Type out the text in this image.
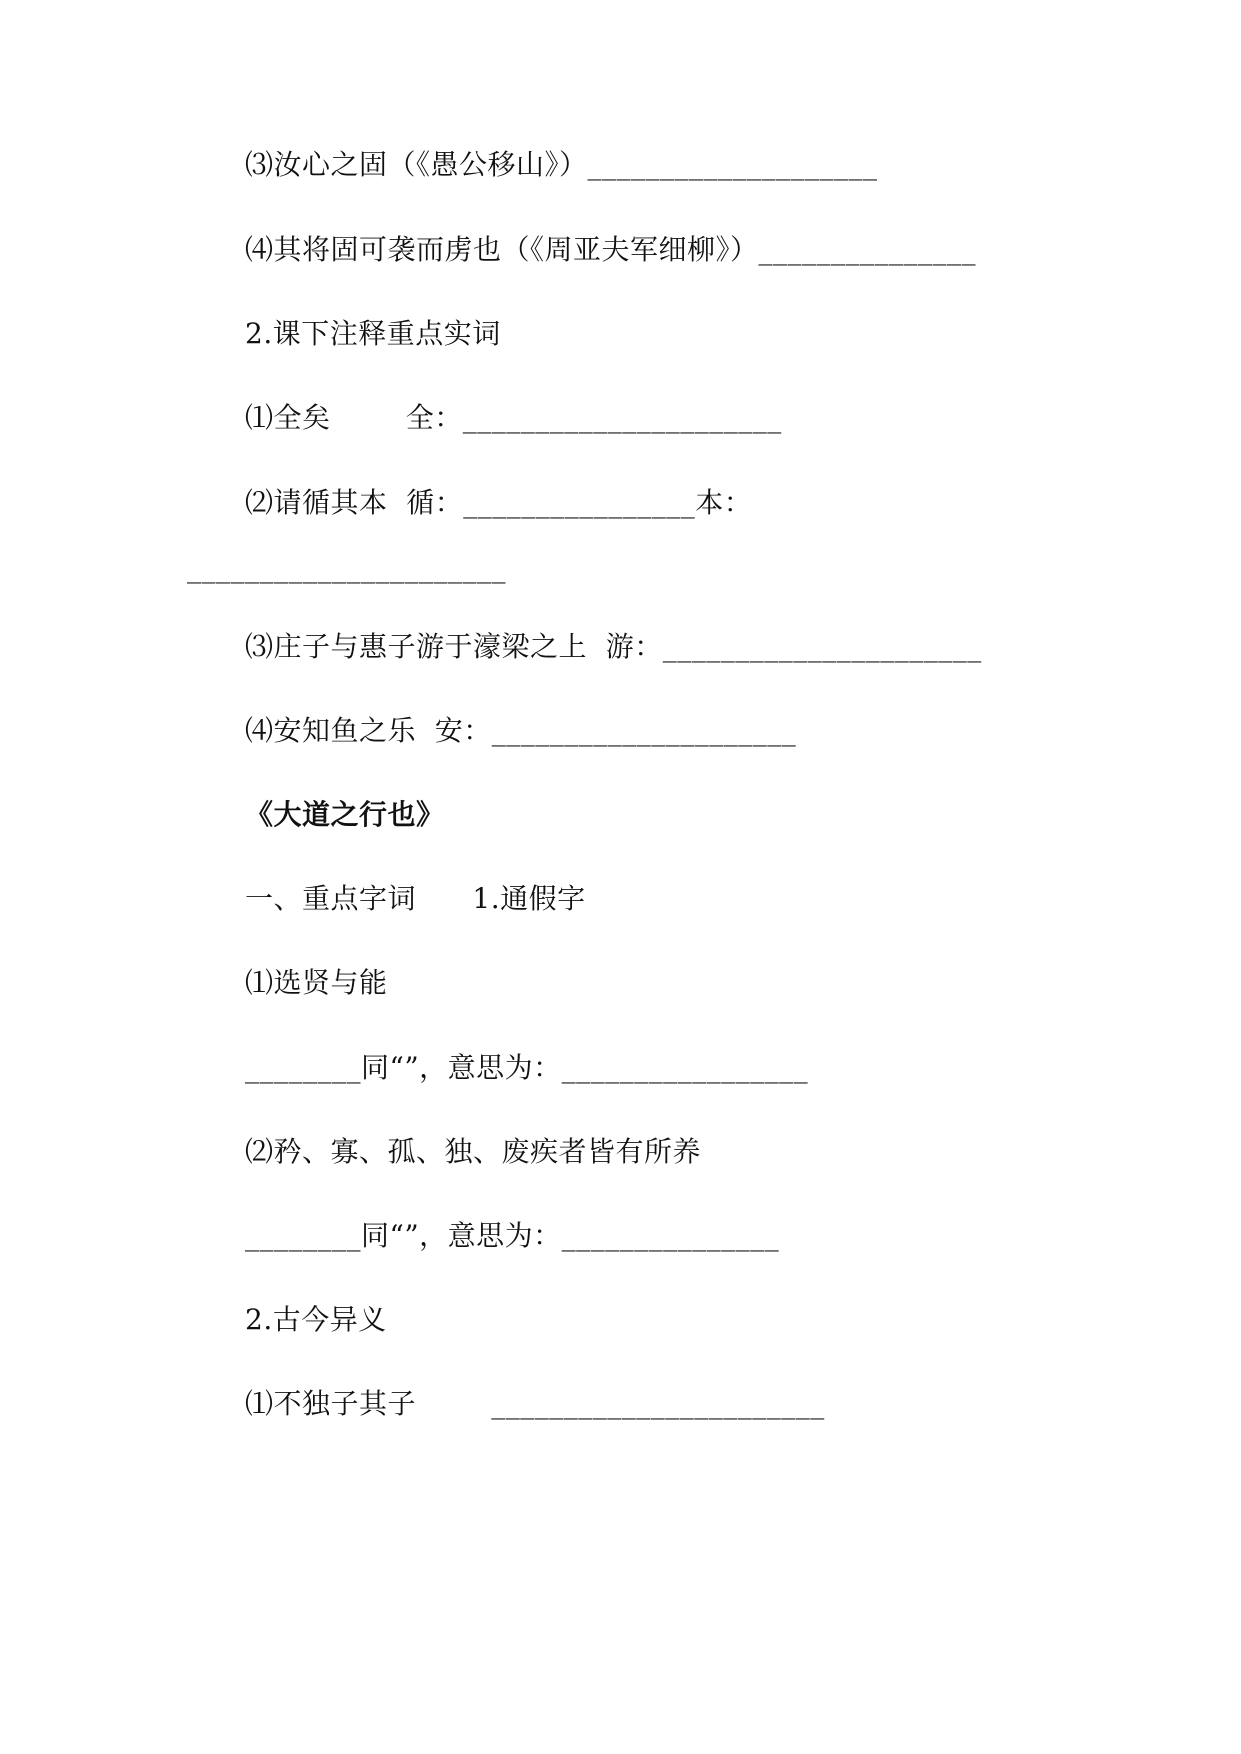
⑶汝心之固（《愚公移山》）____________________
⑷其将固可袭而虏也（《周亚夫军细柳》）_______________
2.课下注释重点实词
⑴全矣        全：______________________
⑵请循其本  循：________________本：
______________________
⑶庄子与惠子游于濠梁之上  游：______________________
⑷安知鱼之乐  安：_____________________
《大道之行也》
一、重点字词      1.通假字
⑴选贤与能
________同“”，意思为：_________________
⑵矜、寡、孤、独、废疾者皆有所养
________同“”，意思为：_______________
2.古今异义
⑴不独子其子        _______________________
